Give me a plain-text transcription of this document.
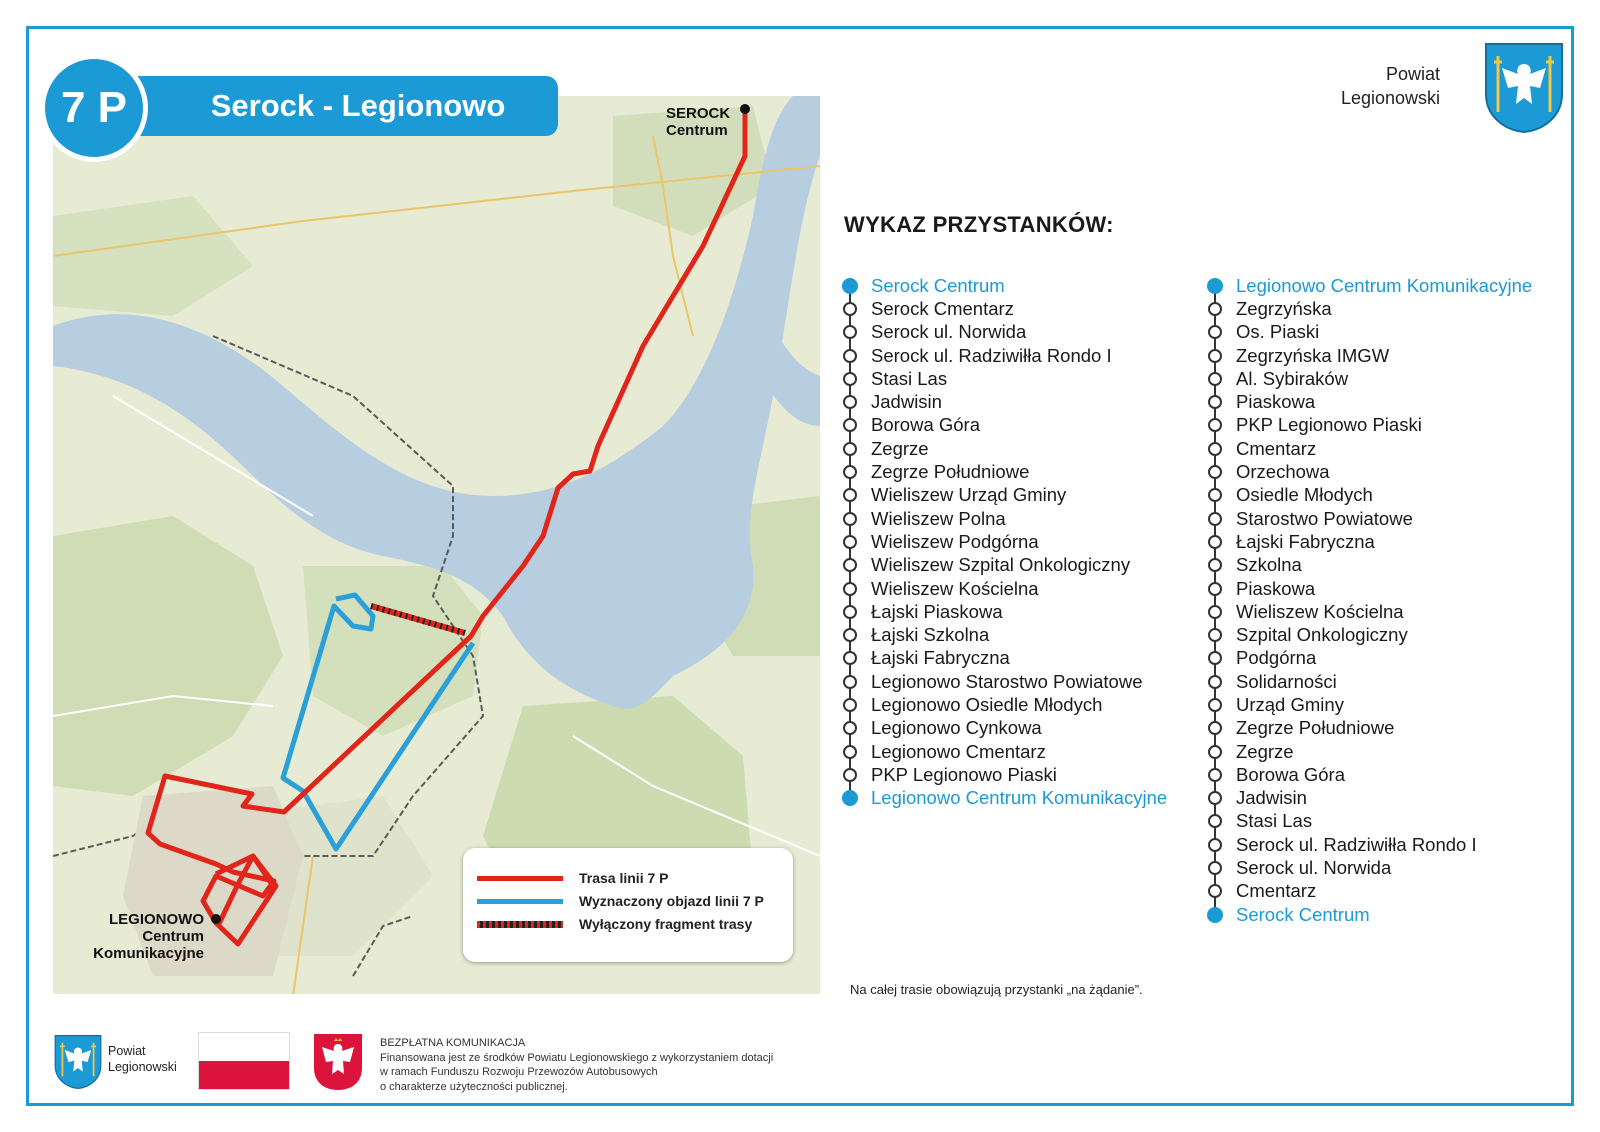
SEROCK
Centrum
LEGIONOWO
Centrum
Komunikacyjne
Trasa linii 7 P
Wyznaczony objazd linii 7 P
Wyłączony fragment trasy
Serock - Legionowo
7 P
Powiat
Legionowski
WYKAZ PRZYSTANKÓW:
Serock Centrum
Serock Cmentarz
Serock ul. Norwida
Serock ul. Radziwiłła Rondo I
Stasi Las
Jadwisin
Borowa Góra
Zegrze
Zegrze Południowe
Wieliszew Urząd Gminy
Wieliszew Polna
Wieliszew Podgórna
Wieliszew Szpital Onkologiczny
Wieliszew Kościelna
Łajski Piaskowa
Łajski Szkolna
Łajski Fabryczna
Legionowo Starostwo Powiatowe
Legionowo Osiedle Młodych
Legionowo Cynkowa
Legionowo Cmentarz
PKP Legionowo Piaski
Legionowo Centrum Komunikacyjne
Legionowo Centrum Komunikacyjne
Zegrzyńska
Os. Piaski
Zegrzyńska IMGW
Al. Sybiraków
Piaskowa
PKP Legionowo Piaski
Cmentarz
Orzechowa
Osiedle Młodych
Starostwo Powiatowe
Łajski Fabryczna
Szkolna
Piaskowa
Wieliszew Kościelna
Szpital Onkologiczny
Podgórna
Solidarności
Urząd Gminy
Zegrze Południowe
Zegrze
Borowa Góra
Jadwisin
Stasi Las
Serock ul. Radziwiłła Rondo I
Serock ul. Norwida
Cmentarz
Serock Centrum
Na całej trasie obowiązują przystanki „na żądanie”.
Powiat
Legionowski
BEZPŁATNA KOMUNIKACJA
Finansowana jest ze środków Powiatu Legionowskiego z wykorzystaniem dotacji
w ramach Funduszu Rozwoju Przewozów Autobusowych
o charakterze użyteczności publicznej.
